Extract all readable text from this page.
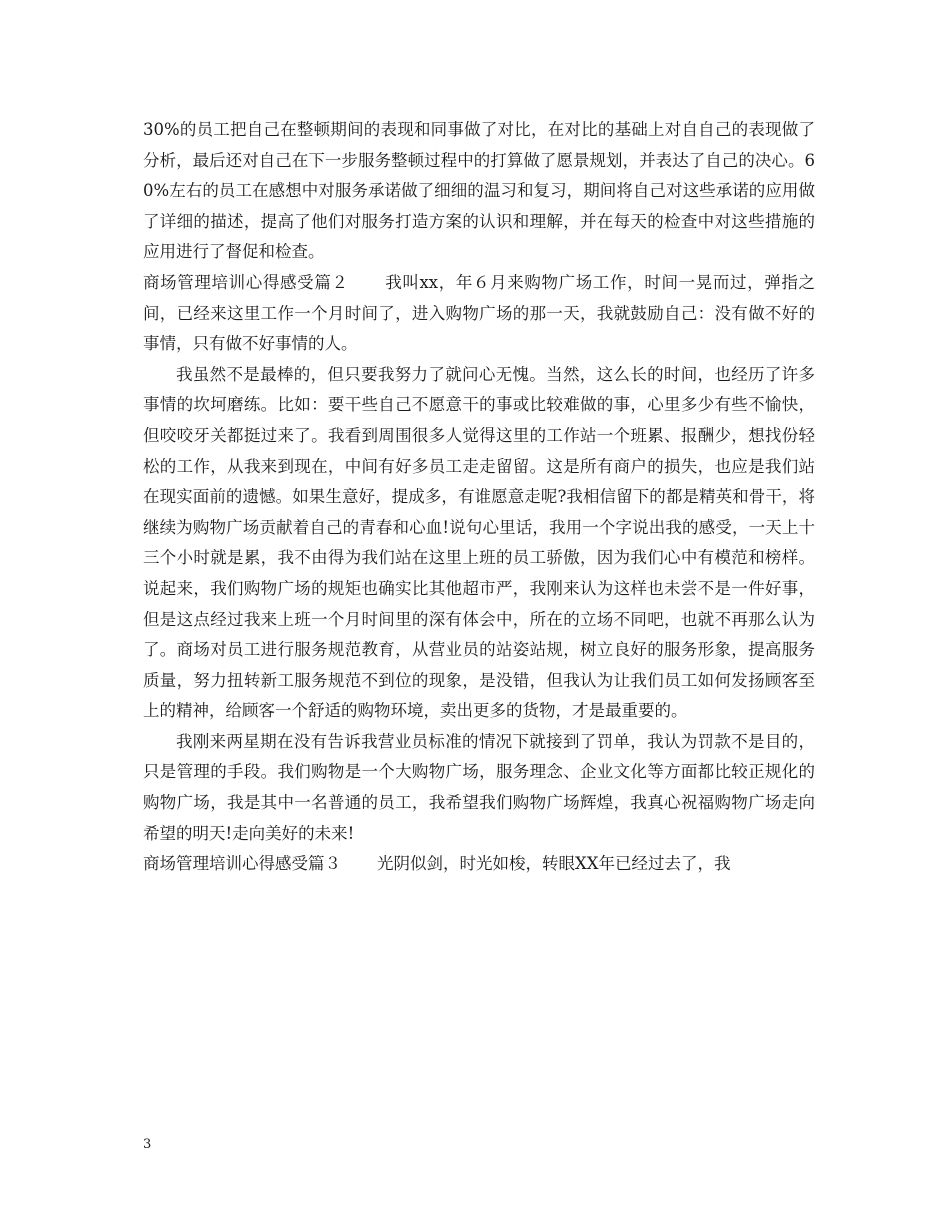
30%的员工把自己在整顿期间的表现和同事做了对比，在对比的基础上对自自己的表现做了分析，最后还对自己在下一步服务整顿过程中的打算做了愿景规划，并表达了自己的决心。60%左右的员工在感想中对服务承诺做了细细的温习和复习，期间将自己对这些承诺的应用做了详细的描述，提高了他们对服务打造方案的认识和理解，并在每天的检查中对这些措施的应用进行了督促和检查。

商场管理培训心得感受篇２ 我叫xx，年６月来购物广场工作，时间一晃而过，弹指之间，已经来这里工作一个月时间了，进入购物广场的那一天，我就鼓励自己：没有做不好的事情，只有做不好事情的人。

我虽然不是最棒的，但只要我努力了就问心无愧。当然，这么长的时间，也经历了许多事情的坎坷磨练。比如：要干些自己不愿意干的事或比较难做的事，心里多少有些不愉快，但咬咬牙关都挺过来了。我看到周围很多人觉得这里的工作站一个班累、报酬少，想找份轻松的工作，从我来到现在，中间有好多员工走走留留。这是所有商户的损失，也应是我们站在现实面前的遗憾。如果生意好，提成多，有谁愿意走呢?我相信留下的都是精英和骨干，将继续为购物广场贡献着自己的青春和心血!说句心里话，我用一个字说出我的感受，一天上十三个小时就是累，我不由得为我们站在这里上班的员工骄傲，因为我们心中有模范和榜样。说起来，我们购物广场的规矩也确实比其他超市严，我刚来认为这样也未尝不是一件好事，但是这点经过我来上班一个月时间里的深有体会中，所在的立场不同吧，也就不再那么认为了。商场对员工进行服务规范教育，从营业员的站姿站规，树立良好的服务形象，提高服务质量，努力扭转新工服务规范不到位的现象，是没错，但我认为让我们员工如何发扬顾客至上的精神，给顾客一个舒适的购物环境，卖出更多的货物，才是最重要的。

我刚来两星期在没有告诉我营业员标准的情况下就接到了罚单，我认为罚款不是目的，只是管理的手段。我们购物是一个大购物广场，服务理念、企业文化等方面都比较正规化的购物广场，我是其中一名普通的员工，我希望我们购物广场辉煌，我真心祝福购物广场走向希望的明天!走向美好的未来!

商场管理培训心得感受篇３ 光阴似剑，时光如梭，转眼XX年已经过去了，我

3
